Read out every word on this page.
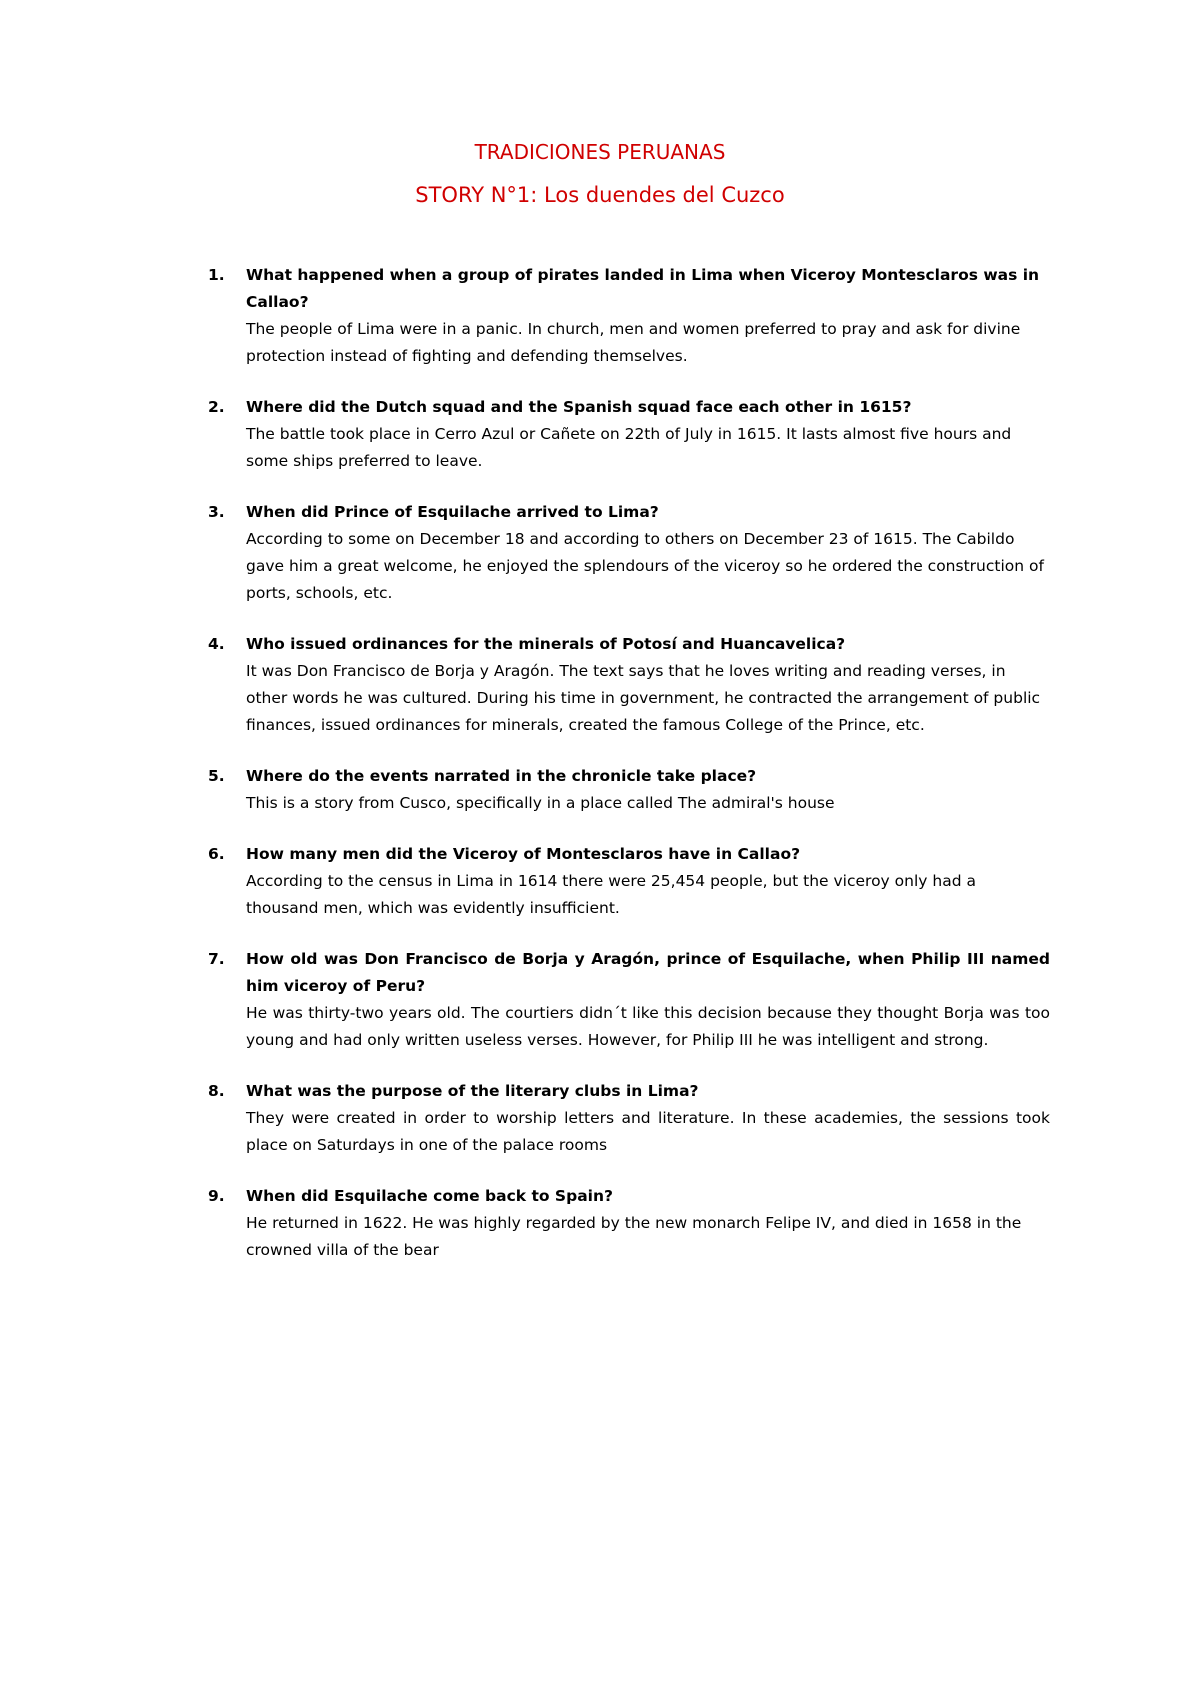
TRADICIONES PERUANAS
STORY N°1: Los duendes del Cuzco
1.	What happened when a group of pirates landed in Lima when Viceroy Montesclaros was in Callao?
The people of Lima were in a panic. In church, men and women preferred to pray and ask for divine protection instead of fighting and defending themselves.
2.	Where did the Dutch squad and the Spanish squad face each other in 1615?
The battle took place in Cerro Azul or Cañete on 22th of July in 1615. It lasts almost five hours and some ships preferred to leave.
3.	When did Prince of Esquilache arrived to Lima?
According to some on December 18 and according to others on December 23 of 1615. The Cabildo gave him a great welcome, he enjoyed the splendours of the viceroy so he ordered the construction of ports, schools, etc.
4.	Who issued ordinances for the minerals of Potosí and Huancavelica?
It was Don Francisco de Borja y Aragón. The text says that he loves writing and reading verses, in other words he was cultured. During his time in government, he contracted the arrangement of public finances, issued ordinances for minerals, created the famous College of the Prince, etc.
5.	Where do the events narrated in the chronicle take place?
This is a story from Cusco, specifically in a place called The admiral's house
6.	How many men did the Viceroy of Montesclaros have in Callao?
According to the census in Lima in 1614 there were 25,454 people, but the viceroy only had a thousand men, which was evidently insufficient.
7.	How old was Don Francisco de Borja y Aragón, prince of Esquilache, when Philip III named him viceroy of Peru?
He was thirty-two years old. The courtiers didn´t like this decision because they thought Borja was too young and had only written useless verses. However, for Philip III he was intelligent and strong.
8.	What was the purpose of the literary clubs in Lima?
They were created in order to worship letters and literature. In these academies, the sessions took place on Saturdays in one of the palace rooms
9.	When did Esquilache come back to Spain?
He returned in 1622. He was highly regarded by the new monarch Felipe IV, and died in 1658 in the crowned villa of the bear
